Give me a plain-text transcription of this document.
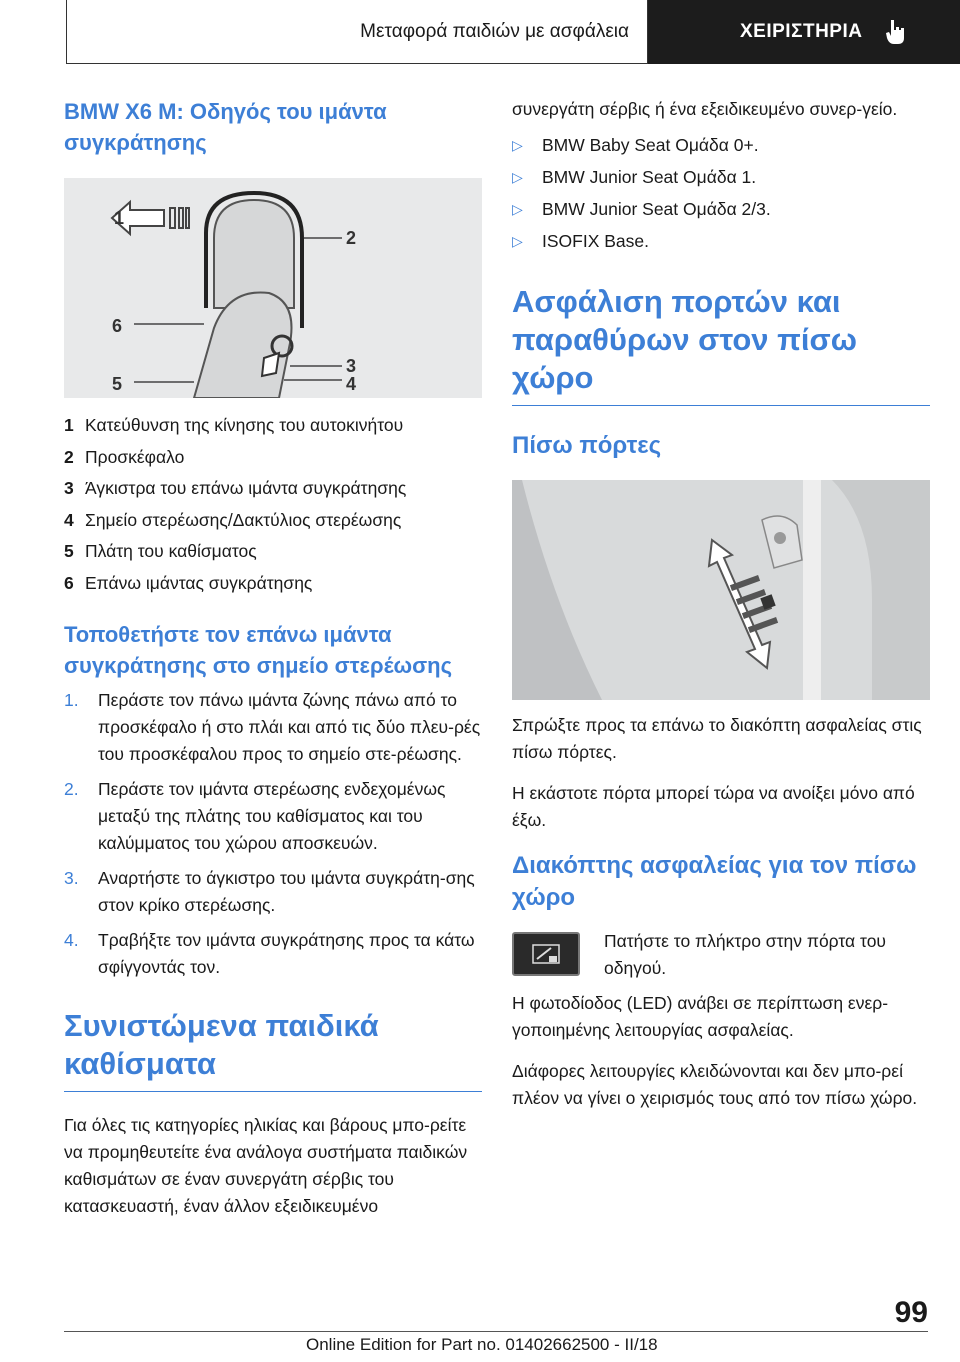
Μεταφορά παιδιών με ασφάλεια	ΧΕΙΡΙΣΤΗΡΙΑ
BMW X6 M: Οδηγός του ιμάντα συγκράτησης
1
2
3
4
5
6
1 Κατεύθυνση της κίνησης του αυτοκινήτου
2 Προσκέφαλο
3 Άγκιστρα του επάνω ιμάντα συγκράτησης
4 Σημείο στερέωσης/Δακτύλιος στερέωσης
5 Πλάτη του καθίσματος
6 Επάνω ιμάντας συγκράτησης
Τοποθετήστε τον επάνω ιμάντα συγκράτησης στο σημείο στερέωσης
1.	Περάστε τον πάνω ιμάντα ζώνης πάνω από το προσκέφαλο ή στο πλάι και από τις δύο πλευ‐ρές του προσκέφαλου προς το σημείο στε‐ρέωσης.
2.	Περάστε τον ιμάντα στερέωσης ενδεχομένως μεταξύ της πλάτης του καθίσματος και του καλύμματος του χώρου αποσκευών.
3.	Αναρτήστε το άγκιστρο του ιμάντα συγκράτη‐σης στον κρίκο στερέωσης.
4.	Τραβήξτε τον ιμάντα συγκράτησης προς τα κάτω σφίγγοντάς τον.
Συνιστώμενα παιδικά καθίσματα

Για όλες τις κατηγορίες ηλικίας και βάρους μπο‐ρείτε να προμηθευτείτε ένα ανάλογα συστήματα παιδικών καθισμάτων σε έναν συνεργάτη σέρβις του κατασκευαστή, έναν άλλον εξειδικευμένο

συνεργάτη σέρβις ή ένα εξειδικευμένο συνερ‐γείο.

▷	BMW Baby Seat Ομάδα 0+.
▷	BMW Junior Seat Ομάδα 1.
▷	BMW Junior Seat Ομάδα 2/3.
▷	ISOFIX Base.
Ασφάλιση πορτών και παραθύρων στον πίσω χώρο
Πίσω πόρτες

Σπρώξτε προς τα επάνω το διακόπτη ασφαλείας στις πίσω πόρτες.

Η εκάστοτε πόρτα μπορεί τώρα να ανοίξει μόνο από έξω.

Διακόπτης ασφαλείας για τον πίσω χώρο

Πατήστε το πλήκτρο στην πόρτα του οδηγού.

Η φωτοδίοδος (LED) ανάβει σε περίπτωση ενερ‐γοποιημένης λειτουργίας ασφαλείας.

Διάφορες λειτουργίες κλειδώνονται και δεν μπο‐ρεί πλέον να γίνει ο χειρισμός τους από τον πίσω χώρο.

99
Online Edition for Part no. 01402662500 - II/18
